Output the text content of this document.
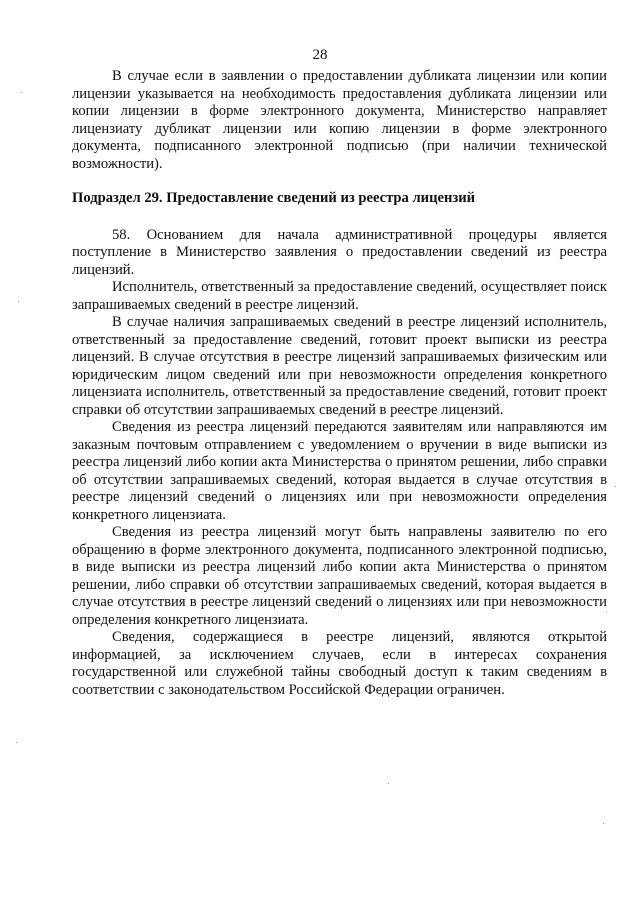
28

В случае если в заявлении о предоставлении дубликата лицензии или копии лицензии указывается на необходимость предоставления дубликата лицензии или копии лицензии в форме электронного документа, Министерство направляет лицензиату дубликат лицензии или копию лицензии в форме электронного документа, подписанного электронной подписью (при наличии технической возможности).

Подраздел 29. Предоставление сведений из реестра лицензий

58. Основанием для начала административной процедуры является поступление в Министерство заявления о предоставлении сведений из реестра лицензий.

Исполнитель, ответственный за предоставление сведений, осуществляет поиск запрашиваемых сведений в реестре лицензий.

В случае наличия запрашиваемых сведений в реестре лицензий исполнитель, ответственный за предоставление сведений, готовит проект выписки из реестра лицензий. В случае отсутствия в реестре лицензий запрашиваемых физическим или юридическим лицом сведений или при невозможности определения конкретного лицензиата исполнитель, ответственный за предоставление сведений, готовит проект справки об отсутствии запрашиваемых сведений в реестре лицензий.

Сведения из реестра лицензий передаются заявителям или направляются им заказным почтовым отправлением с уведомлением о вручении в виде выписки из реестра лицензий либо копии акта Министерства о принятом решении, либо справки об отсутствии запрашиваемых сведений, которая выдается в случае отсутствия в реестре лицензий сведений о лицензиях или при невозможности определения конкретного лицензиата.

Сведения из реестра лицензий могут быть направлены заявителю по его обращению в форме электронного документа, подписанного электронной подписью, в виде выписки из реестра лицензий либо копии акта Министерства о принятом решении, либо справки об отсутствии запрашиваемых сведений, которая выдается в случае отсутствия в реестре лицензий сведений о лицензиях или при невозможности определения конкретного лицензиата.

Сведения, содержащиеся в реестре лицензий, являются открытой информацией, за исключением случаев, если в интересах сохранения государственной или служебной тайны свободный доступ к таким сведениям в соответствии с законодательством Российской Федерации ограничен.
